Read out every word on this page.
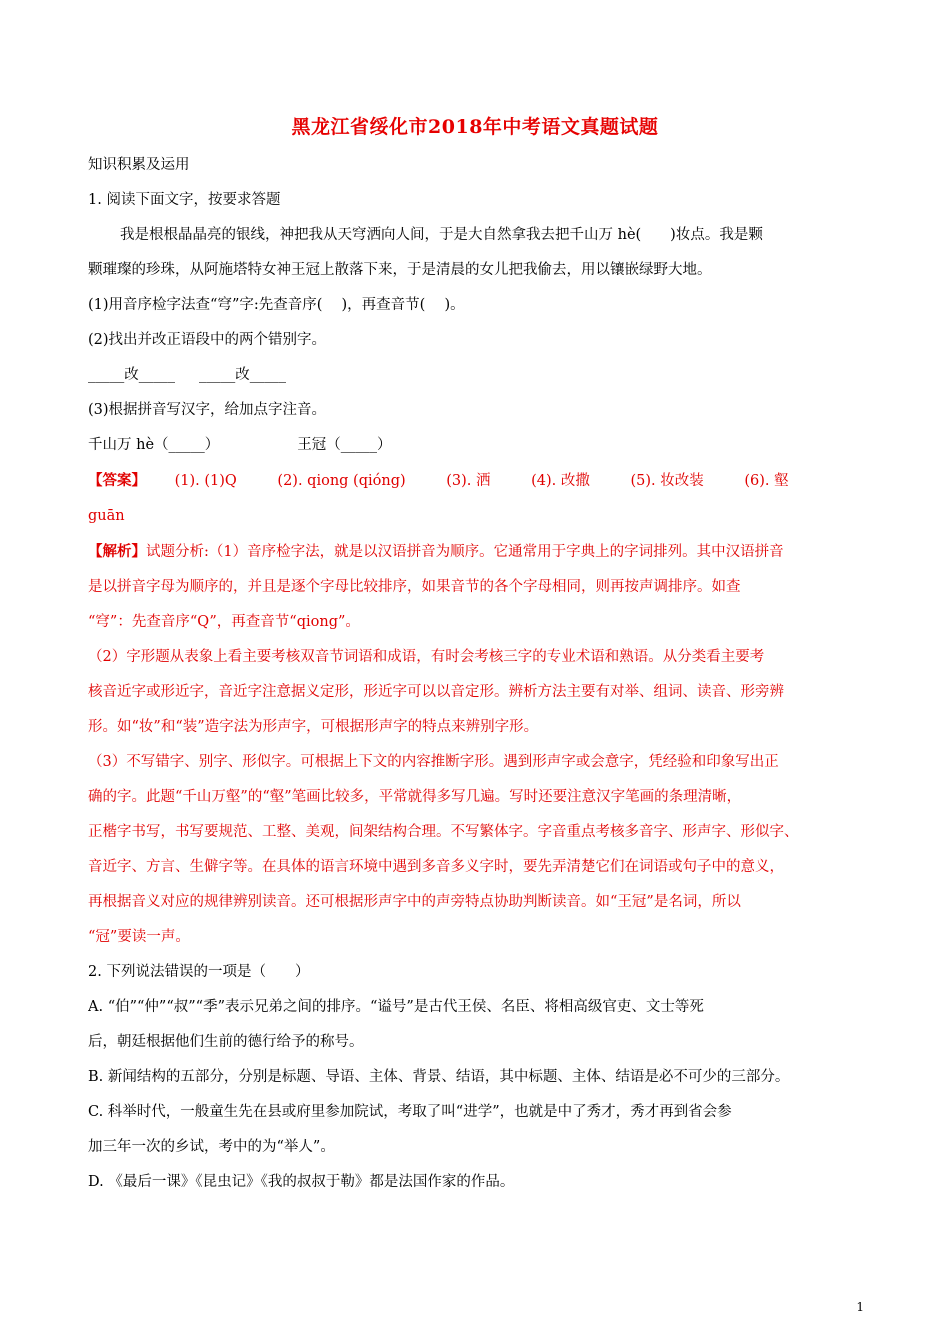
黑龙江省绥化市2018年中考语文真题试题
知识积累及运用
1. 阅读下面文字，按要求答题
我是根根晶晶亮的银线，神把我从天穹洒向人间，于是大自然拿我去把千山万 hè(　　)妆点。我是颗
颗璀璨的珍珠，从阿施塔特女神王冠上散落下来，于是清晨的女儿把我偷去，用以镶嵌绿野大地。
(1)用音序检字法查“穹”字:先查音序(　 )，再查音节(　 )。
(2)找出并改正语段中的两个错别字。
_____改_____ _____改_____
(3)根据拼音写汉字，给加点字注音。
千山万 hè（_____）	王冠（_____）
【答案】 (1). (1)Q	(2). qiong (qióng)	(3). 洒	(4). 改撒	(5). 妆改装	(6). 壑
guān
【解析】试题分析:（1）音序检字法，就是以汉语拼音为顺序。它通常用于字典上的字词排列。其中汉语拼音
是以拼音字母为顺序的，并且是逐个字母比较排序，如果音节的各个字母相同，则再按声调排序。如查
“穹”：先查音序“Q”，再查音节“qiong”。
（2）字形题从表象上看主要考核双音节词语和成语，有时会考核三字的专业术语和熟语。从分类看主要考
核音近字或形近字，音近字注意据义定形，形近字可以以音定形。辨析方法主要有对举、组词、读音、形旁辨
形。如“妆”和“装”造字法为形声字，可根据形声字的特点来辨别字形。
（3）不写错字、别字、形似字。可根据上下文的内容推断字形。遇到形声字或会意字，凭经验和印象写出正
确的字。此题“千山万壑”的“壑”笔画比较多，平常就得多写几遍。写时还要注意汉字笔画的条理清晰，
正楷字书写，书写要规范、工整、美观，间架结构合理。不写繁体字。字音重点考核多音字、形声字、形似字、
音近字、方言、生僻字等。在具体的语言环境中遇到多音多义字时，要先弄清楚它们在词语或句子中的意义，
再根据音义对应的规律辨别读音。还可根据形声字中的声旁特点协助判断读音。如“王冠”是名词，所以
“冠”要读一声。
2. 下列说法错误的一项是（　　）
A. “伯”“仲”“叔”“季”表示兄弟之间的排序。“谥号”是古代王侯、名臣、将相高级官吏、文士等死
后，朝廷根据他们生前的德行给予的称号。
B. 新闻结构的五部分，分别是标题、导语、主体、背景、结语，其中标题、主体、结语是必不可少的三部分。
C. 科举时代，一般童生先在县或府里参加院试，考取了叫“进学”，也就是中了秀才，秀才再到省会参
加三年一次的乡试，考中的为“举人”。
D. 《最后一课》《昆虫记》《我的叔叔于勒》都是法国作家的作品。
1
